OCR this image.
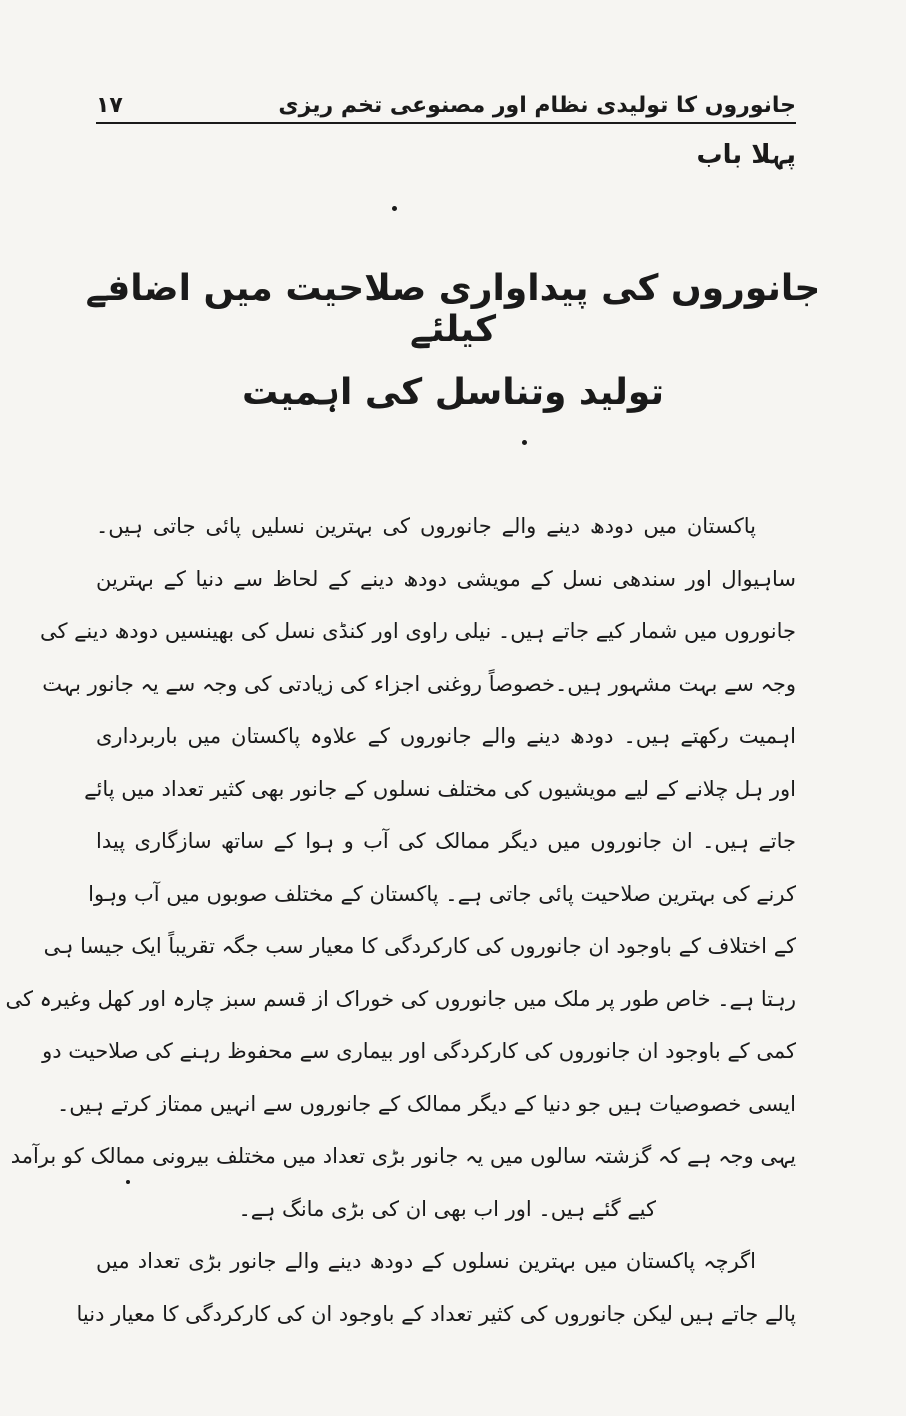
جانوروں کا تولیدی نظام اور مصنوعی تخم ریزی
۱۷
پہلا باب
جانوروں کی پیداواری صلاحیت میں اضافے کیلئے
تولید وتناسل کی اہمیت
پاکستان میں دودھ دینے والے جانوروں کی بہترین نسلیں پائی جاتی ہیں۔
ساہیوال اور سندھی نسل کے مویشی دودھ دینے کے لحاظ سے دنیا کے بہترین
جانوروں میں شمار کیے جاتے ہیں۔ نیلی راوی اور کنڈی نسل کی بھینسیں دودھ دینے کی
وجہ سے بہت مشہور ہیں۔خصوصاً روغنی اجزاء کی زیادتی کی وجہ سے یہ جانور بہت
اہمیت رکھتے ہیں۔ دودھ دینے والے جانوروں کے علاوہ پاکستان میں باربرداری
اور ہل چلانے کے لیے مویشیوں کی مختلف نسلوں کے جانور بھی کثیر تعداد میں پائے
جاتے ہیں۔ ان جانوروں میں دیگر ممالک کی آب و ہوا کے ساتھ سازگاری پیدا
کرنے کی بہترین صلاحیت پائی جاتی ہے۔ پاکستان کے مختلف صوبوں میں آب وہوا
کے اختلاف کے باوجود ان جانوروں کی کارکردگی کا معیار سب جگہ تقریباً ایک جیسا ہی
رہتا ہے۔ خاص طور پر ملک میں جانوروں کی خوراک از قسم سبز چارہ اور کھل وغیرہ کی
کمی کے باوجود ان جانوروں کی کارکردگی اور بیماری سے محفوظ رہنے کی صلاحیت دو
ایسی خصوصیات ہیں جو دنیا کے دیگر ممالک کے جانوروں سے انہیں ممتاز کرتے ہیں۔
یہی وجہ ہے کہ گزشتہ سالوں میں یہ جانور بڑی تعداد میں مختلف بیرونی ممالک کو برآمد
کیے گئے ہیں۔ اور اب بھی ان کی بڑی مانگ ہے۔
اگرچہ پاکستان میں بہترین نسلوں کے دودھ دینے والے جانور بڑی تعداد میں
پالے جاتے ہیں لیکن جانوروں کی کثیر تعداد کے باوجود ان کی کارکردگی کا معیار دنیا
